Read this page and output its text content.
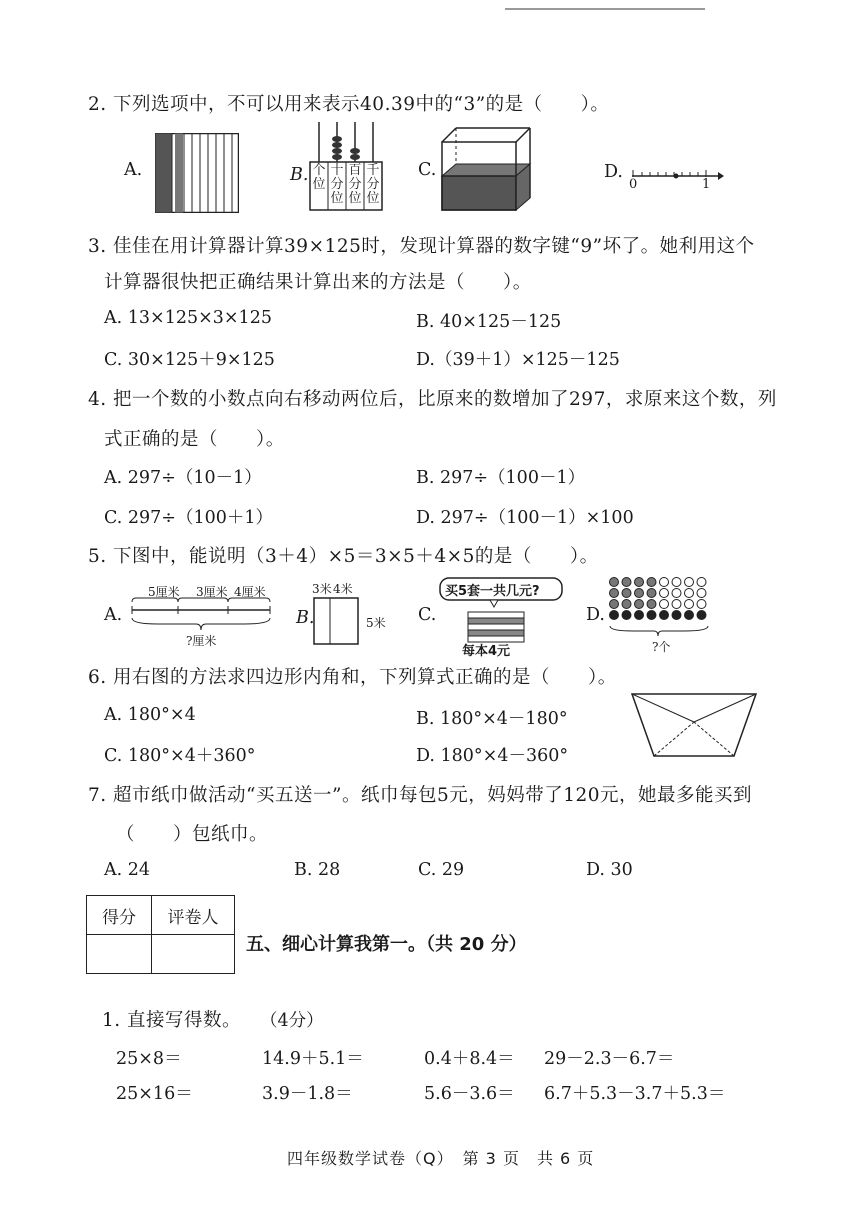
2. 下列选项中，不可以用来表示40.39中的“3”的是（　　）。
A.	B. 个位
十分位
百分位
千分位
C.	D.
0	1
3. 佳佳在用计算器计算39×125时，发现计算器的数字键“9”坏了。她利用这个
计算器很快把正确结果计算出来的方法是（　　）。
A. 13×125×3×125	B. 40×125－125
C. 30×125＋9×125	D.（39＋1）×125－125
4. 把一个数的小数点向右移动两位后，比原来的数增加了297，求原来这个数，列
式正确的是（　　）。
A. 297÷（10－1）	B. 297÷（100－1）
C. 297÷（100＋1）	D. 297÷（100－1）×100
5. 下图中，能说明（3＋4）×5＝3×5＋4×5的是（　　）。
A.
5厘米 3厘米 4厘米
?厘米
B.
3米 4米
5米 C.
买5套一共几元?
每本4元
D.
?个
6. 用右图的方法求四边形内角和，下列算式正确的是（　　）。
A. 180°×4	B. 180°×4－180°
C. 180°×4＋360°	D. 180°×4－360°
7. 超市纸巾做活动“买五送一”。纸巾每包5元，妈妈带了120元，她最多能买到
（　　）包纸巾。
A. 24	B. 28	C. 29	D. 30
得分	评卷人

五、细心计算我第一。（共 20 分）
1. 直接写得数。 （4分）
25×8＝	14.9＋5.1＝	0.4＋8.4＝ 29－2.3－6.7＝
25×16＝	3.9－1.8＝	5.6－3.6＝ 6.7＋5.3－3.7＋5.3＝
四年级数学试卷（Q）　第 3 页　共 6 页
